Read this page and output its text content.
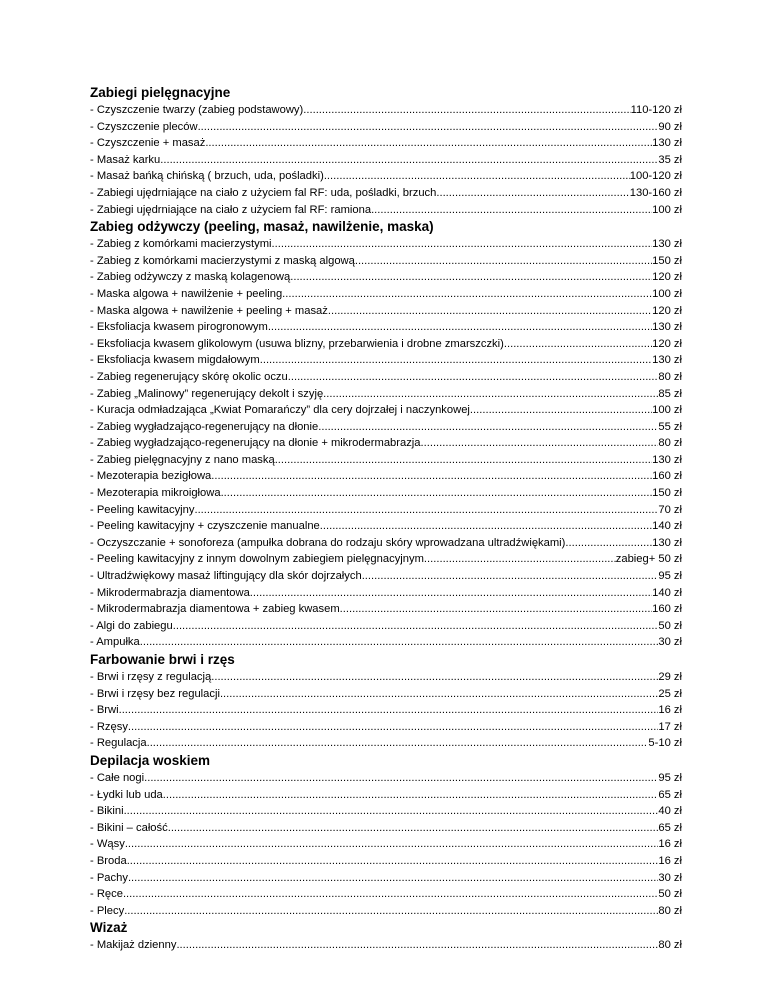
Zabiegi pielęgnacyjne
- Czyszczenie twarzy (zabieg podstawowy) .....	110-120 zł
- Czyszczenie pleców .....	90 zł
- Czyszczenie + masaż .....	130 zł
- Masaż karku .....	35 zł
- Masaż bańką chińską ( brzuch, uda, pośladki) .....	100-120 zł
- Zabiegi ujędrniające na ciało z użyciem fal RF: uda, pośladki, brzuch .....	130-160 zł
- Zabiegi ujędrniające na ciało z użyciem fal RF: ramiona .....	100 zł
Zabieg odżywczy (peeling, masaż, nawilżenie, maska)
- Zabieg z komórkami macierzystymi .....	130 zł
- Zabieg z komórkami macierzystymi z maską algową .....	150 zł
- Zabieg odżywczy z maską kolagenową .....	120 zł
- Maska algowa + nawilżenie + peeling .....	100 zł
- Maska algowa + nawilżenie + peeling + masaż .....	120 zł
- Eksfoliacja kwasem pirogronowym .....	130 zł
- Eksfoliacja kwasem glikolowym (usuwa blizny, przebarwienia i drobne zmarszczki) .....	120 zł
- Eksfoliacja kwasem migdałowym .....	130 zł
- Zabieg regenerujący skórę okolic oczu .....	80 zł
- Zabieg „Malinowy” regenerujący dekolt i szyję .....	85 zł
- Kuracja odmładzająca „Kwiat Pomarańczy” dla cery dojrzałej i naczynkowej .....	100 zł
- Zabieg wygładzająco-regenerujący na dłonie .....	55 zł
- Zabieg wygładzająco-regenerujący na dłonie + mikrodermabrazja .....	80 zł
- Zabieg pielęgnacyjny z nano maską .....	130 zł
- Mezoterapia bezigłowa .....	160 zł
- Mezoterapia mikroigłowa .....	150 zł
- Peeling kawitacyjny .....	70 zł
- Peeling kawitacyjny + czyszczenie manualne .....	140 zł
- Oczyszczanie + sonoforeza (ampułka dobrana do rodzaju skóry wprowadzana ultradźwiękami) .....	130 zł
- Peeling kawitacyjny z innym dowolnym zabiegiem pielęgnacyjnym .....	zabieg+ 50 zł
- Ultradźwiękowy masaż liftingujący dla skór dojrzałych .....	95 zł
- Mikrodermabrazja diamentowa .....	140 zł
- Mikrodermabrazja diamentowa + zabieg kwasem .....	160 zł
- Algi do zabiegu .....	50 zł
- Ampułka .....	30 zł
Farbowanie brwi i rzęs
- Brwi i rzęsy z regulacją .....	29 zł
- Brwi i rzęsy bez regulacji .....	25 zł
- Brwi .....	16 zł
- Rzęsy .....	17 zł
- Regulacja .....	5-10 zł
Depilacja woskiem
- Całe nogi .....	95 zł
- Łydki lub uda .....	65 zł
- Bikini .....	40 zł
- Bikini – całość .....	65 zł
- Wąsy .....	16 zł
- Broda .....	16 zł
- Pachy .....	30 zł
- Ręce .....	50 zł
- Plecy .....	80 zł
Wizaż
- Makijaż dzienny .....	80 zł
